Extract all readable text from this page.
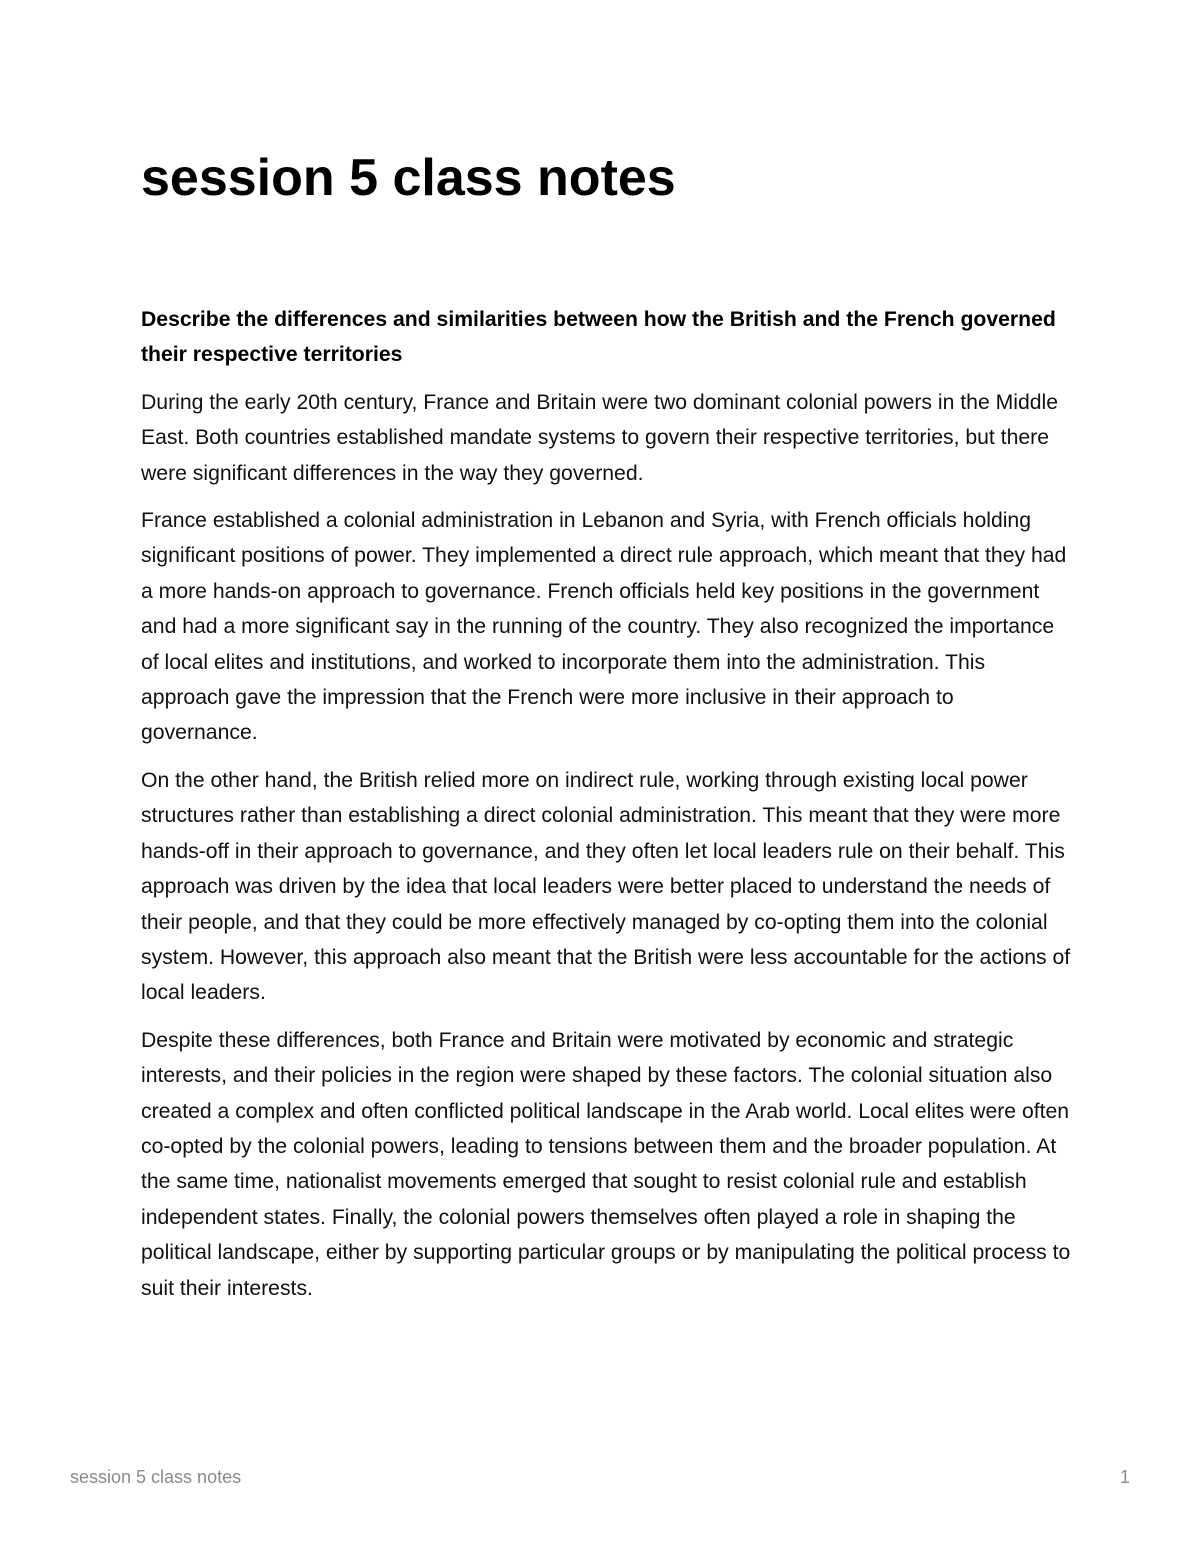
session 5 class notes

Describe the differences and similarities between how the British and the French governed their respective territories

During the early 20th century, France and Britain were two dominant colonial powers in the Middle East. Both countries established mandate systems to govern their respective territories, but there were significant differences in the way they governed.

France established a colonial administration in Lebanon and Syria, with French officials holding significant positions of power. They implemented a direct rule approach, which meant that they had a more hands-on approach to governance. French officials held key positions in the government and had a more significant say in the running of the country. They also recognized the importance of local elites and institutions, and worked to incorporate them into the administration. This approach gave the impression that the French were more inclusive in their approach to governance.

On the other hand, the British relied more on indirect rule, working through existing local power structures rather than establishing a direct colonial administration. This meant that they were more hands-off in their approach to governance, and they often let local leaders rule on their behalf. This approach was driven by the idea that local leaders were better placed to understand the needs of their people, and that they could be more effectively managed by co-opting them into the colonial system. However, this approach also meant that the British were less accountable for the actions of local leaders.

Despite these differences, both France and Britain were motivated by economic and strategic interests, and their policies in the region were shaped by these factors. The colonial situation also created a complex and often conflicted political landscape in the Arab world. Local elites were often co-opted by the colonial powers, leading to tensions between them and the broader population. At the same time, nationalist movements emerged that sought to resist colonial rule and establish independent states. Finally, the colonial powers themselves often played a role in shaping the political landscape, either by supporting particular groups or by manipulating the political process to suit their interests.

session 5 class notes	1
